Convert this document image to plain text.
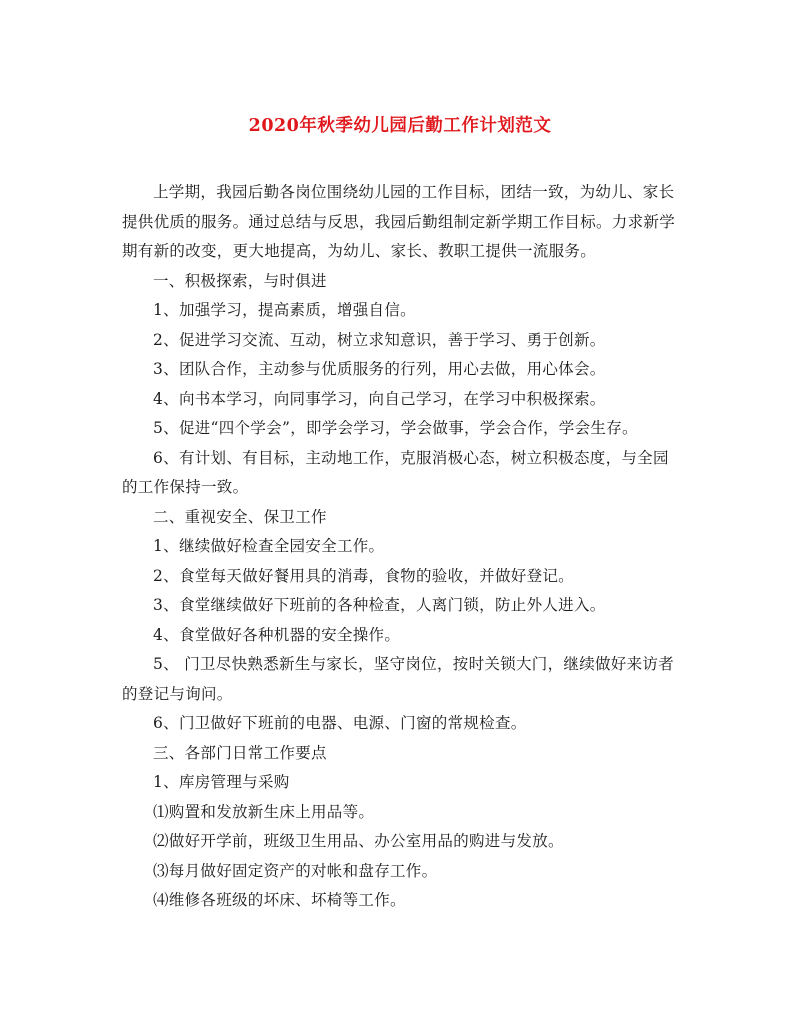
2020年秋季幼儿园后勤工作计划范文

上学期，我园后勤各岗位围绕幼儿园的工作目标，团结一致，为幼儿、家长提供优质的服务。通过总结与反思，我园后勤组制定新学期工作目标。力求新学期有新的改变，更大地提高，为幼儿、家长、教职工提供一流服务。

一、积极探索，与时俱进

1、加强学习，提高素质，增强自信。

2、促进学习交流、互动，树立求知意识，善于学习、勇于创新。

3、团队合作，主动参与优质服务的行列，用心去做，用心体会。

4、向书本学习，向同事学习，向自己学习，在学习中积极探索。

5、促进“四个学会”，即学会学习，学会做事，学会合作，学会生存。

6、有计划、有目标，主动地工作，克服消极心态，树立积极态度，与全园的工作保持一致。

二、重视安全、保卫工作

1、继续做好检查全园安全工作。

2、食堂每天做好餐用具的消毒，食物的验收，并做好登记。

3、食堂继续做好下班前的各种检查，人离门锁，防止外人进入。

4、食堂做好各种机器的安全操作。

5、 门卫尽快熟悉新生与家长，坚守岗位，按时关锁大门，继续做好来访者的登记与询问。

6、门卫做好下班前的电器、电源、门窗的常规检查。

三、各部门日常工作要点

1、库房管理与采购

⑴购置和发放新生床上用品等。

⑵做好开学前，班级卫生用品、办公室用品的购进与发放。

⑶每月做好固定资产的对帐和盘存工作。

⑷维修各班级的坏床、坏椅等工作。
